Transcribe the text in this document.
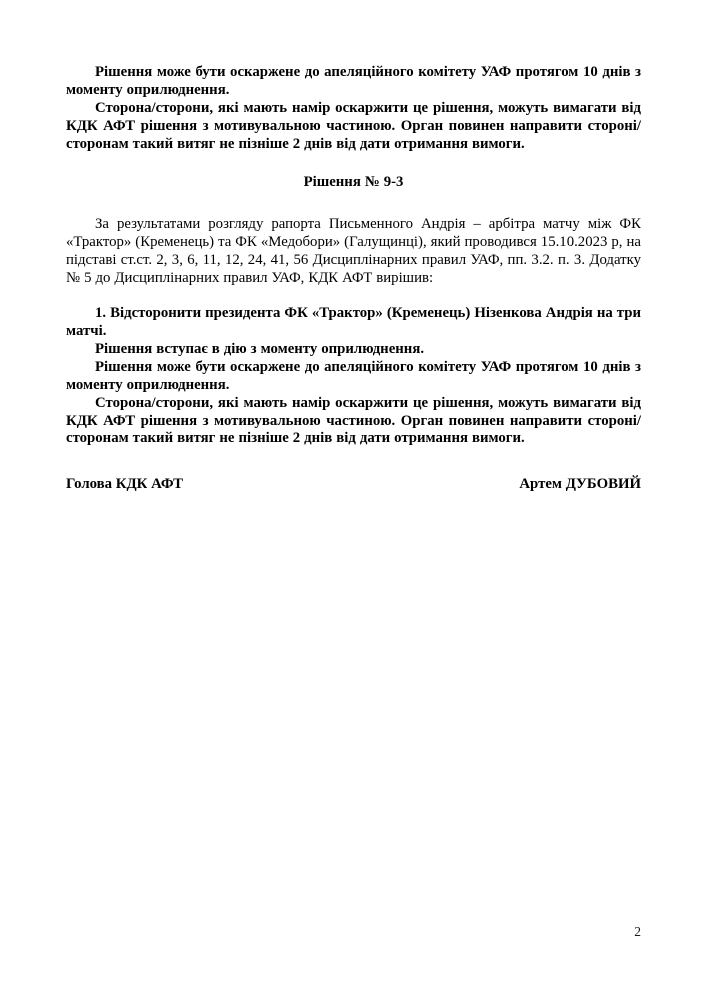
Рішення може бути оскаржене до апеляційного комітету УАФ протягом 10 днів з моменту оприлюднення.

Сторона/сторони, які мають намір оскаржити це рішення, можуть вимагати від КДК АФТ рішення з мотивувальною частиною. Орган повинен направити стороні/сторонам такий витяг не пізніше 2 днів від дати отримання вимоги.

Рішення № 9-3

За результатами розгляду рапорта Письменного Андрія – арбітра матчу між ФК «Трактор» (Кременець) та ФК «Медобори» (Галущинці), який проводився 15.10.2023 р, на підставі ст.ст. 2, 3, 6, 11, 12, 24, 41, 56 Дисциплінарних правил УАФ, пп. 3.2. п. 3. Додатку № 5 до Дисциплінарних правил УАФ, КДК АФТ вирішив:

1. Відсторонити президента ФК «Трактор» (Кременець) Нізенкова Андрія на три матчі.

Рішення вступає в дію з моменту оприлюднення.

Рішення може бути оскаржене до апеляційного комітету УАФ протягом 10 днів з моменту оприлюднення.

Сторона/сторони, які мають намір оскаржити це рішення, можуть вимагати від КДК АФТ рішення з мотивувальною частиною. Орган повинен направити стороні/сторонам такий витяг не пізніше 2 днів від дати отримання вимоги.

Голова КДК АФТ	Артем ДУБОВИЙ
2
